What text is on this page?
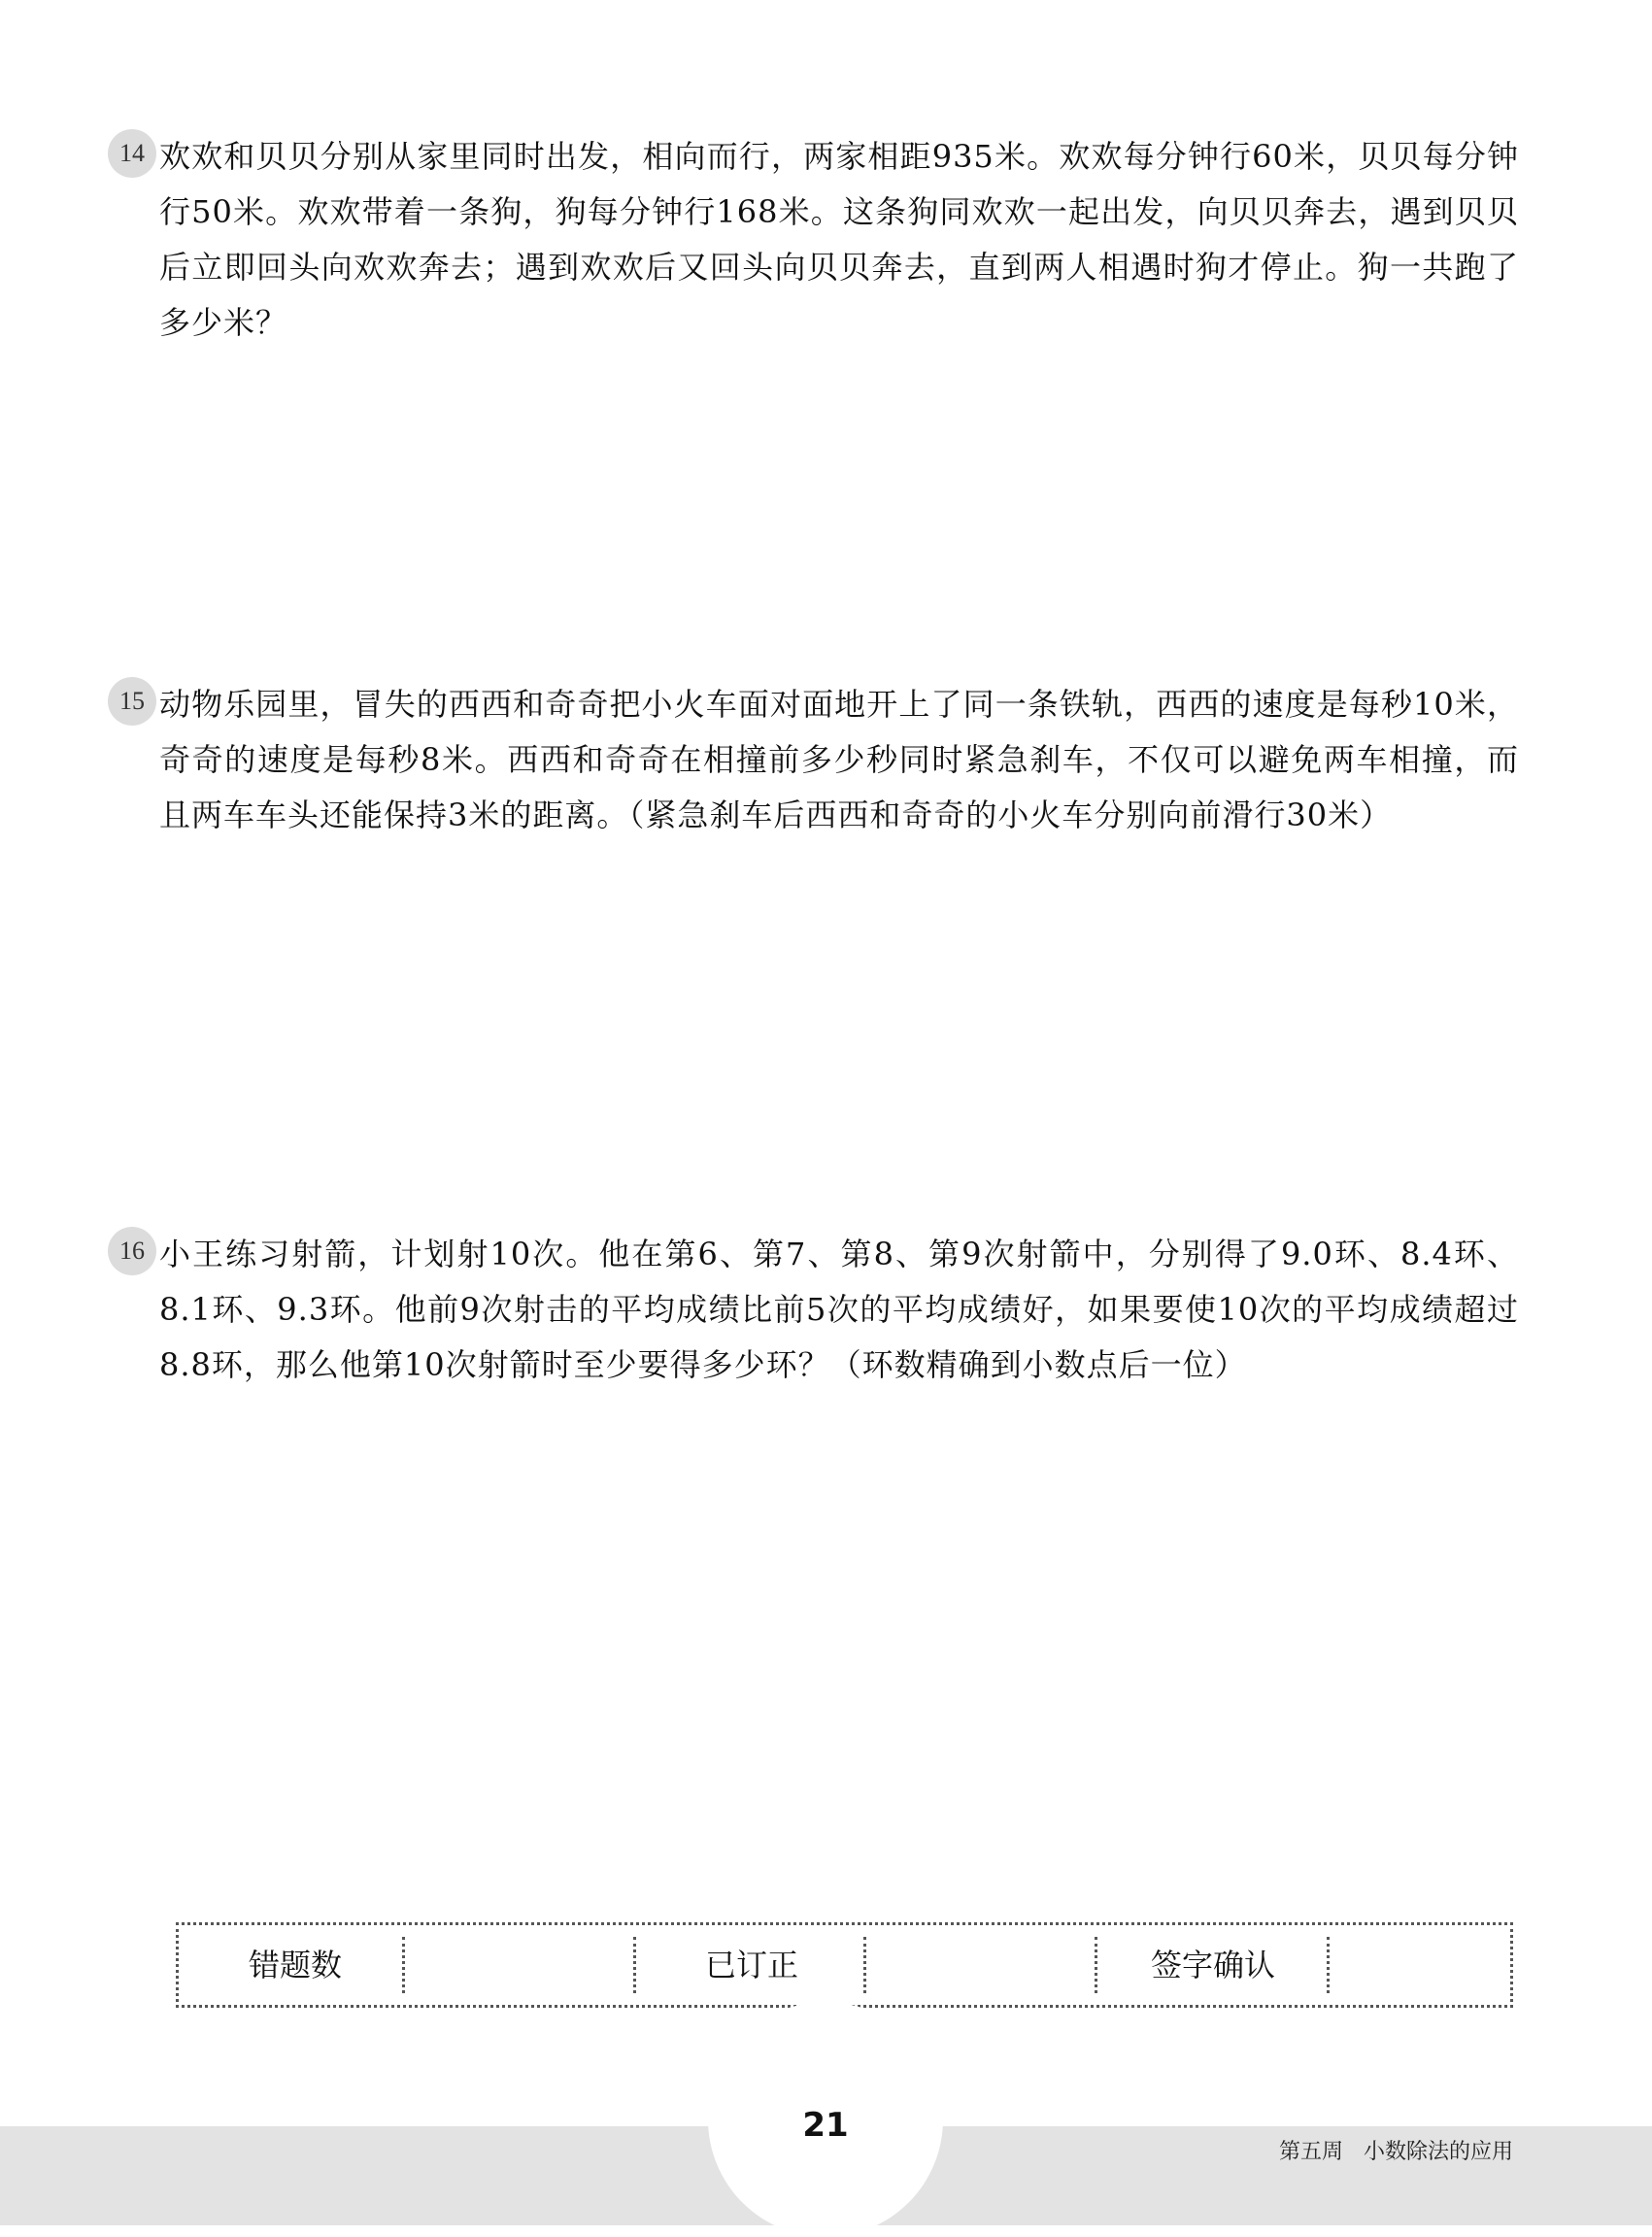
14 欢欢和贝贝分别从家里同时出发，相向而行，两家相距935米。欢欢每分钟行60米，贝贝每分钟行50米。欢欢带着一条狗，狗每分钟行168米。这条狗同欢欢一起出发，向贝贝奔去，遇到贝贝后立即回头向欢欢奔去；遇到欢欢后又回头向贝贝奔去，直到两人相遇时狗才停止。狗一共跑了多少米？

15 动物乐园里，冒失的西西和奇奇把小火车面对面地开上了同一条铁轨，西西的速度是每秒10米，奇奇的速度是每秒8米。西西和奇奇在相撞前多少秒同时紧急刹车，不仅可以避免两车相撞，而且两车车头还能保持3米的距离。（紧急刹车后西西和奇奇的小火车分别向前滑行30米）

16 小王练习射箭，计划射10次。他在第6、第7、第8、第9次射箭中，分别得了9.0环、8.4环、8.1环、9.3环。他前9次射击的平均成绩比前5次的平均成绩好，如果要使10次的平均成绩超过8.8环，那么他第10次射箭时至少要得多少环？（环数精确到小数点后一位）

错题数	已订正	签字确认
21
第五周 小数除法的应用
